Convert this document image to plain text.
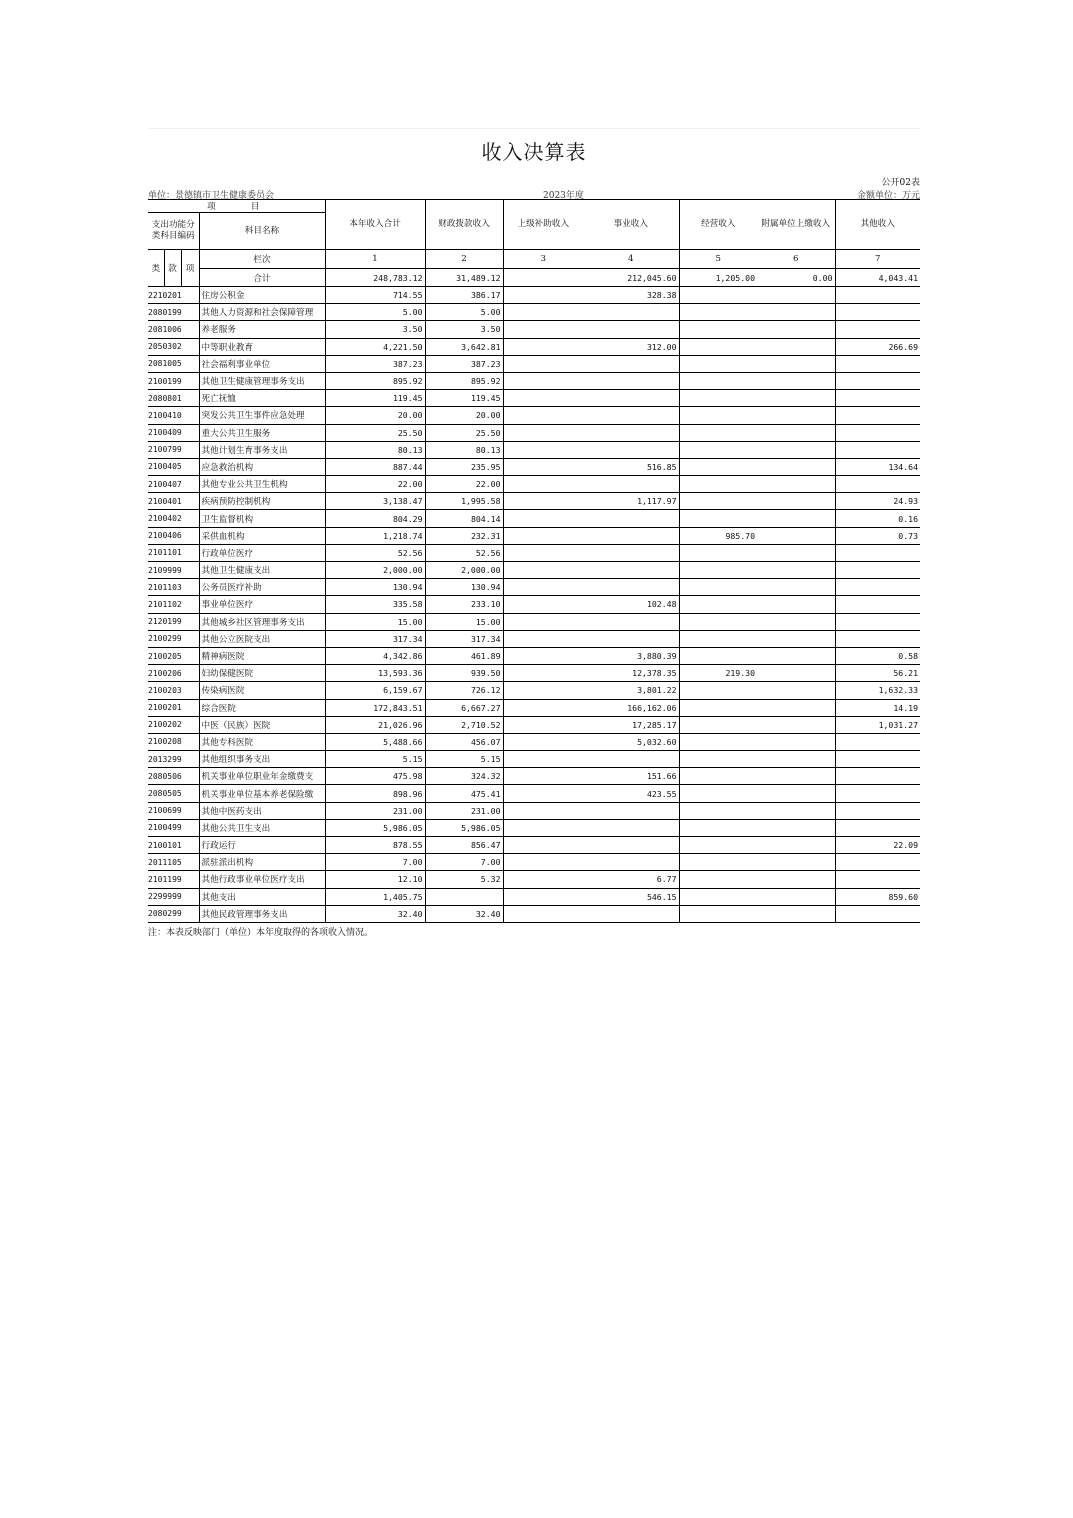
收入决算表
公开02表
单位：景德镇市卫生健康委员会	2023年度	金额单位：万元
项　　目				本年收入合计	财政拨款收入	上级补助收入	事业收入	经营收入	附属单位上缴收入	其他收入
支出功能分类科目编码			科目名称							
类	款	项	栏次	1	2	3	4	5	6	7
			合计	248,783.12	31,489.12		212,045.60	1,205.00	0.00	4,043.41
2210201			住房公积金	714.55	386.17		328.38			
2080199			其他人力资源和社会保障管理	5.00	5.00					
2081006			养老服务	3.50	3.50					
2050302			中等职业教育	4,221.50	3,642.81		312.00			266.69
2081005			社会福利事业单位	387.23	387.23					
2100199			其他卫生健康管理事务支出	895.92	895.92					
2080801			死亡抚恤	119.45	119.45					
2100410			突发公共卫生事件应急处理	20.00	20.00					
2100409			重大公共卫生服务	25.50	25.50					
2100799			其他计划生育事务支出	80.13	80.13					
2100405			应急救治机构	887.44	235.95		516.85			134.64
2100407			其他专业公共卫生机构	22.00	22.00					
2100401			疾病预防控制机构	3,138.47	1,995.58		1,117.97			24.93
2100402			卫生监督机构	804.29	804.14					0.16
2100406			采供血机构	1,218.74	232.31			985.70		0.73
2101101			行政单位医疗	52.56	52.56					
2109999			其他卫生健康支出	2,000.00	2,000.00					
2101103			公务员医疗补助	130.94	130.94					
2101102			事业单位医疗	335.58	233.10		102.48			
2120199			其他城乡社区管理事务支出	15.00	15.00					
2100299			其他公立医院支出	317.34	317.34					
2100205			精神病医院	4,342.86	461.89		3,880.39			0.58
2100206			妇幼保健医院	13,593.36	939.50		12,378.35	219.30		56.21
2100203			传染病医院	6,159.67	726.12		3,801.22			1,632.33
2100201			综合医院	172,843.51	6,667.27		166,162.06			14.19
2100202			中医（民族）医院	21,026.96	2,710.52		17,285.17			1,031.27
2100208			其他专科医院	5,488.66	456.07		5,032.60			
2013299			其他组织事务支出	5.15	5.15					
2080506			机关事业单位职业年金缴费支	475.98	324.32		151.66			
2080505			机关事业单位基本养老保险缴	898.96	475.41		423.55			
2100699			其他中医药支出	231.00	231.00					
2100499			其他公共卫生支出	5,986.05	5,986.05					
2100101			行政运行	878.55	856.47					22.09
2011105			派驻派出机构	7.00	7.00					
2101199			其他行政事业单位医疗支出	12.10	5.32		6.77			
2299999			其他支出	1,405.75			546.15			859.60
2080299			其他民政管理事务支出	32.40	32.40					
注：本表反映部门（单位）本年度取得的各项收入情况。
